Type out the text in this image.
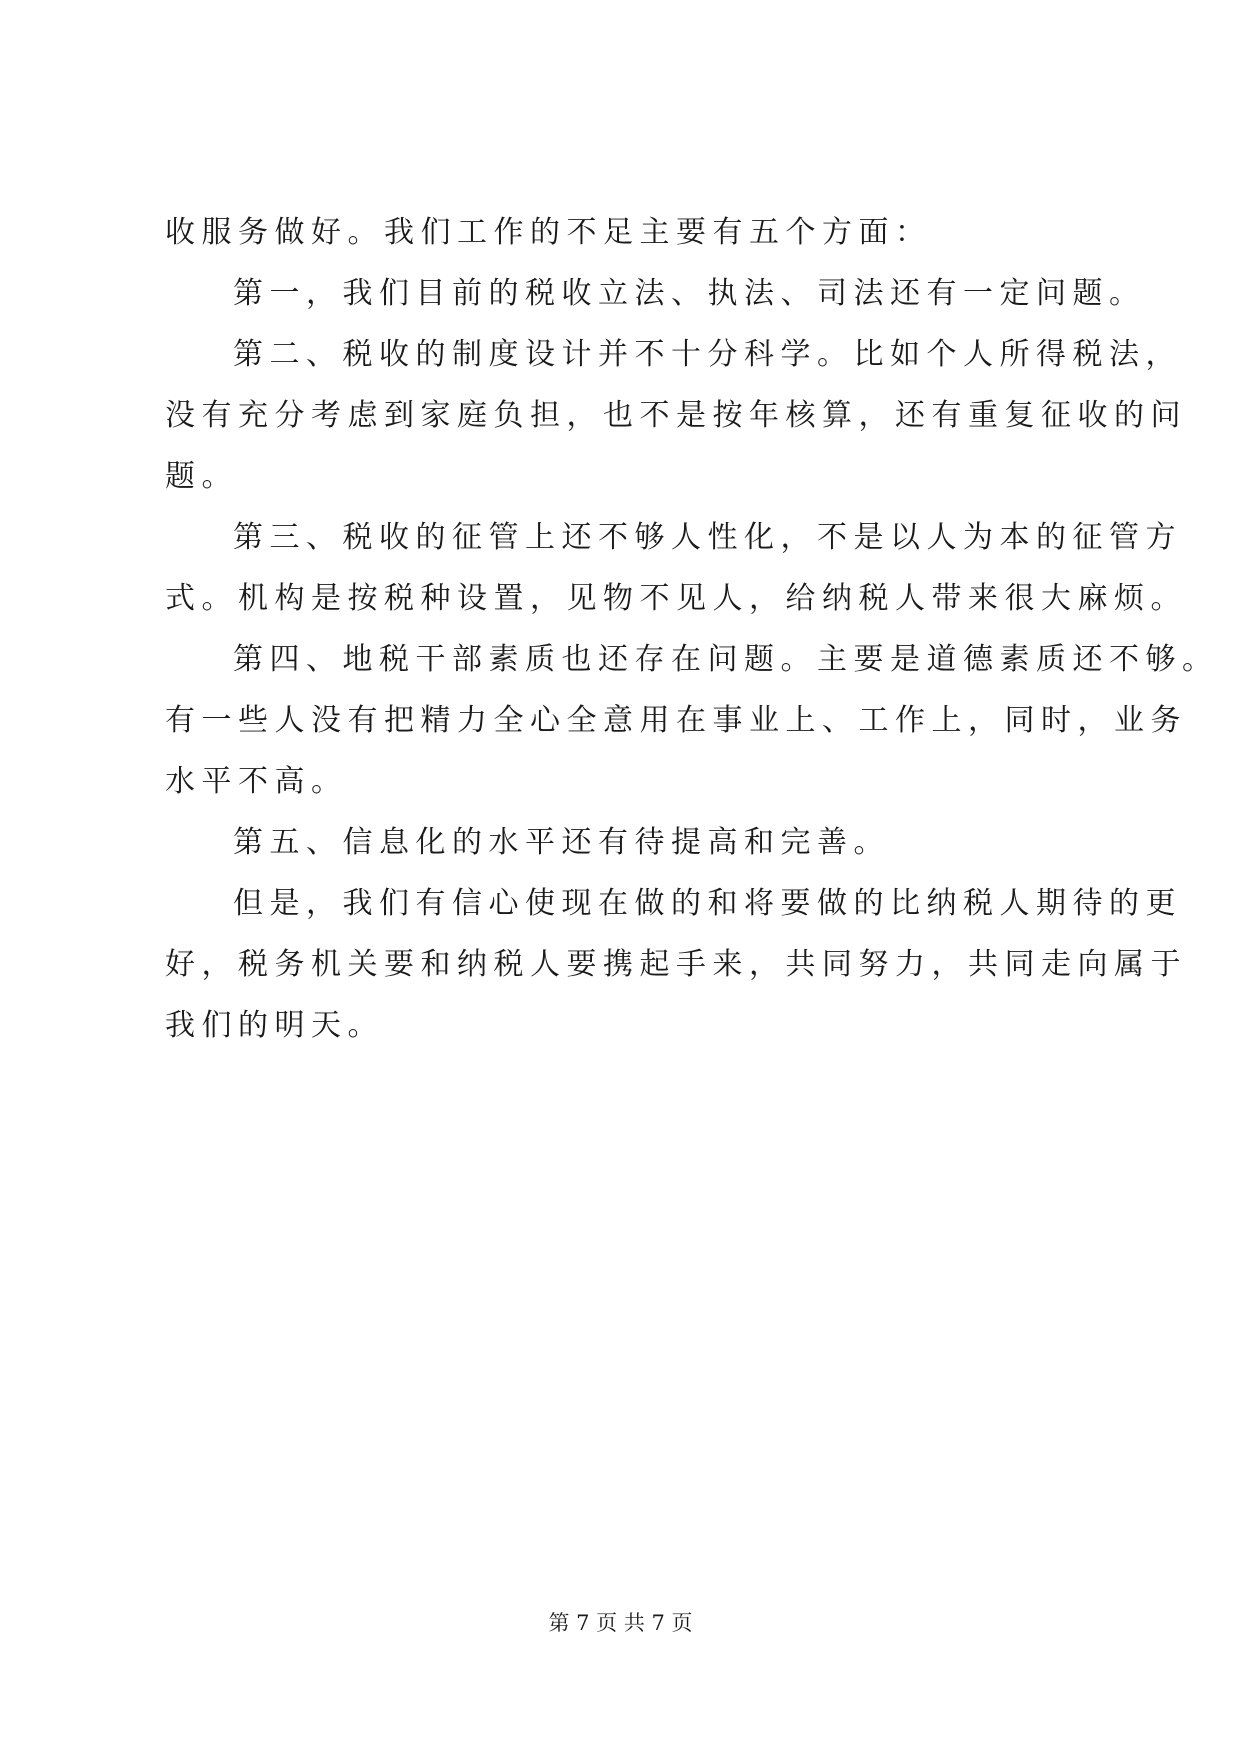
收服务做好。我们工作的不足主要有五个方面：
第一，我们目前的税收立法、执法、司法还有一定问题。
第二、税收的制度设计并不十分科学。比如个人所得税法，
没有充分考虑到家庭负担，也不是按年核算，还有重复征收的问
题。
第三、税收的征管上还不够人性化，不是以人为本的征管方
式。机构是按税种设置，见物不见人，给纳税人带来很大麻烦。
第四、地税干部素质也还存在问题。主要是道德素质还不够。
有一些人没有把精力全心全意用在事业上、工作上，同时，业务
水平不高。
第五、信息化的水平还有待提高和完善。
但是，我们有信心使现在做的和将要做的比纳税人期待的更
好，税务机关要和纳税人要携起手来，共同努力，共同走向属于
我们的明天。
第 7 页 共 7 页
